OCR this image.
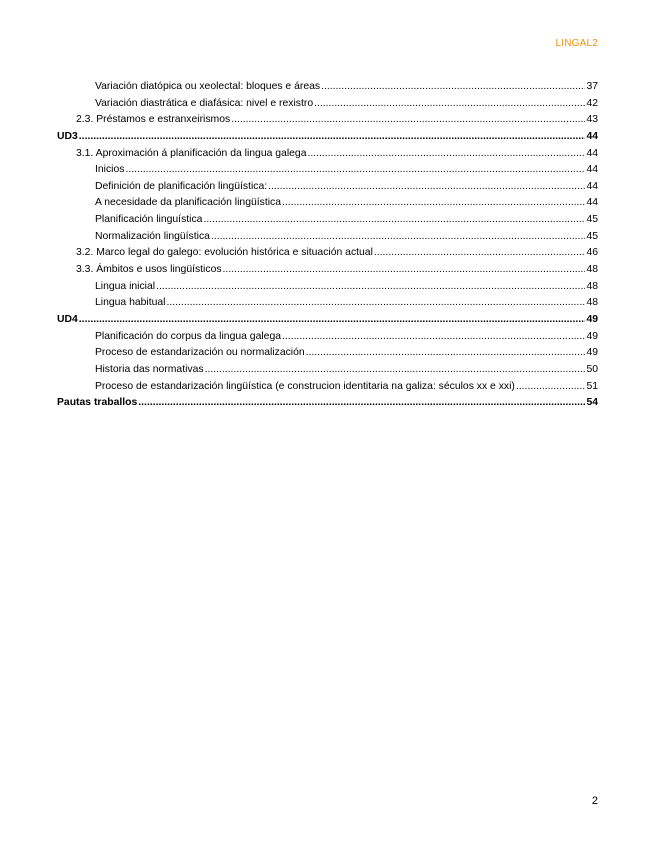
LINGAL2
Variación diatópica ou xeolectal: bloques e áreas .....	37
Variación diastrática e diafásica: nivel e rexistro .....	42
2.3. Préstamos e estranxeirismos .....	43
UD3 .....	44
3.1. Aproximación á planificación da lingua galega .....	44
Inicios .....	44
Definición de planificación lingüística: .....	44
A necesidade da planificación lingüística .....	44
Planificación linguística .....	45
Normalización lingüística .....	45
3.2. Marco legal do galego: evolución histórica e situación actual .....	46
3.3. Ámbitos e usos lingüísticos .....	48
Lingua inicial .....	48
Lingua habitual .....	48
UD4 .....	49
Planificación do corpus da lingua galega .....	49
Proceso de estandarización ou normalización .....	49
Historia das normativas .....	50
Proceso de estandarización lingüística (e construcion identitaria na galiza: séculos xx e xxi) .....	51
Pautas traballos .....	54
2
